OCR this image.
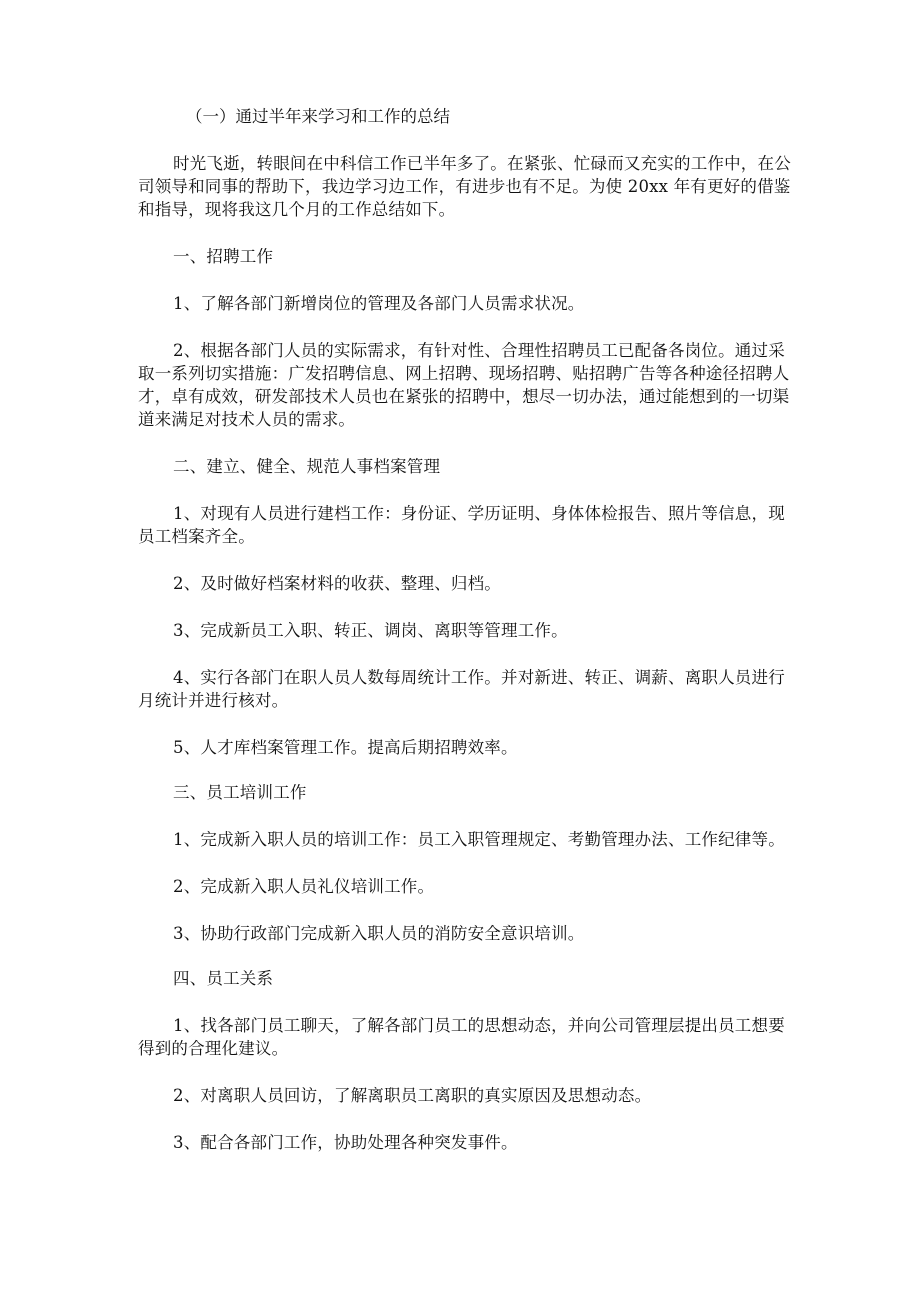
（一）通过半年来学习和工作的总结

时光飞逝，转眼间在中科信工作已半年多了。在紧张、忙碌而又充实的工作中，在公司领导和同事的帮助下，我边学习边工作，有进步也有不足。为使 20xx 年有更好的借鉴和指导，现将我这几个月的工作总结如下。

一、招聘工作

1、了解各部门新增岗位的管理及各部门人员需求状况。

2、根据各部门人员的实际需求，有针对性、合理性招聘员工已配备各岗位。通过采取一系列切实措施：广发招聘信息、网上招聘、现场招聘、贴招聘广告等各种途径招聘人才，卓有成效，研发部技术人员也在紧张的招聘中，想尽一切办法，通过能想到的一切渠道来满足对技术人员的需求。

二、建立、健全、规范人事档案管理

1、对现有人员进行建档工作：身份证、学历证明、身体体检报告、照片等信息，现员工档案齐全。

2、及时做好档案材料的收获、整理、归档。

3、完成新员工入职、转正、调岗、离职等管理工作。

4、实行各部门在职人员人数每周统计工作。并对新进、转正、调薪、离职人员进行月统计并进行核对。

5、人才库档案管理工作。提高后期招聘效率。

三、员工培训工作

1、完成新入职人员的培训工作：员工入职管理规定、考勤管理办法、工作纪律等。

2、完成新入职人员礼仪培训工作。

3、协助行政部门完成新入职人员的消防安全意识培训。

四、员工关系

1、找各部门员工聊天，了解各部门员工的思想动态，并向公司管理层提出员工想要得到的合理化建议。

2、对离职人员回访，了解离职员工离职的真实原因及思想动态。

3、配合各部门工作，协助处理各种突发事件。
